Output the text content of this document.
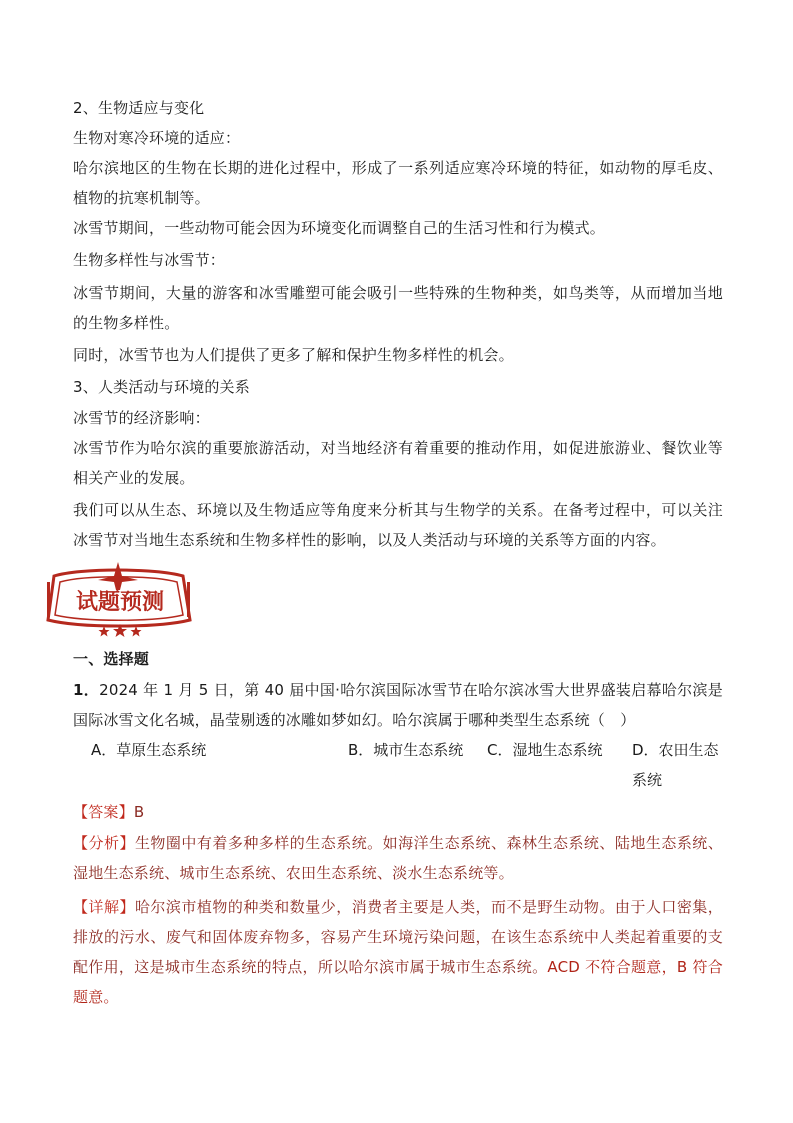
2、生物适应与变化

生物对寒冷环境的适应：

哈尔滨地区的生物在长期的进化过程中，形成了一系列适应寒冷环境的特征，如动物的厚毛皮、植物的抗寒机制等。

冰雪节期间，一些动物可能会因为环境变化而调整自己的生活习性和行为模式。

生物多样性与冰雪节：

冰雪节期间，大量的游客和冰雪雕塑可能会吸引一些特殊的生物种类，如鸟类等，从而增加当地的生物多样性。

同时，冰雪节也为人们提供了更多了解和保护生物多样性的机会。

3、人类活动与环境的关系

冰雪节的经济影响：

冰雪节作为哈尔滨的重要旅游活动，对当地经济有着重要的推动作用，如促进旅游业、餐饮业等相关产业的发展。

我们可以从生态、环境以及生物适应等角度来分析其与生物学的关系。在备考过程中，可以关注冰雪节对当地生态系统和生物多样性的影响，以及人类活动与环境的关系等方面的内容。

试题预测

一、选择题

1．2024 年 1 月 5 日，第 40 届中国·哈尔滨国际冰雪节在哈尔滨冰雪大世界盛装启幕哈尔滨是国际冰雪文化名城，晶莹剔透的冰雕如梦如幻。哈尔滨属于哪种类型生态系统（　）

A．草原生态系统	B．城市生态系统 C．湿地生态系统 D．农田生态系统

【答案】B

【分析】生物圈中有着多种多样的生态系统。如海洋生态系统、森林生态系统、陆地生态系统、湿地生态系统、城市生态系统、农田生态系统、淡水生态系统等。

【详解】哈尔滨市植物的种类和数量少，消费者主要是人类，而不是野生动物。由于人口密集，排放的污水、废气和固体废弃物多，容易产生环境污染问题，在该生态系统中人类起着重要的支配作用，这是城市生态系统的特点，所以哈尔滨市属于城市生态系统。ACD 不符合题意，B 符合题意。
